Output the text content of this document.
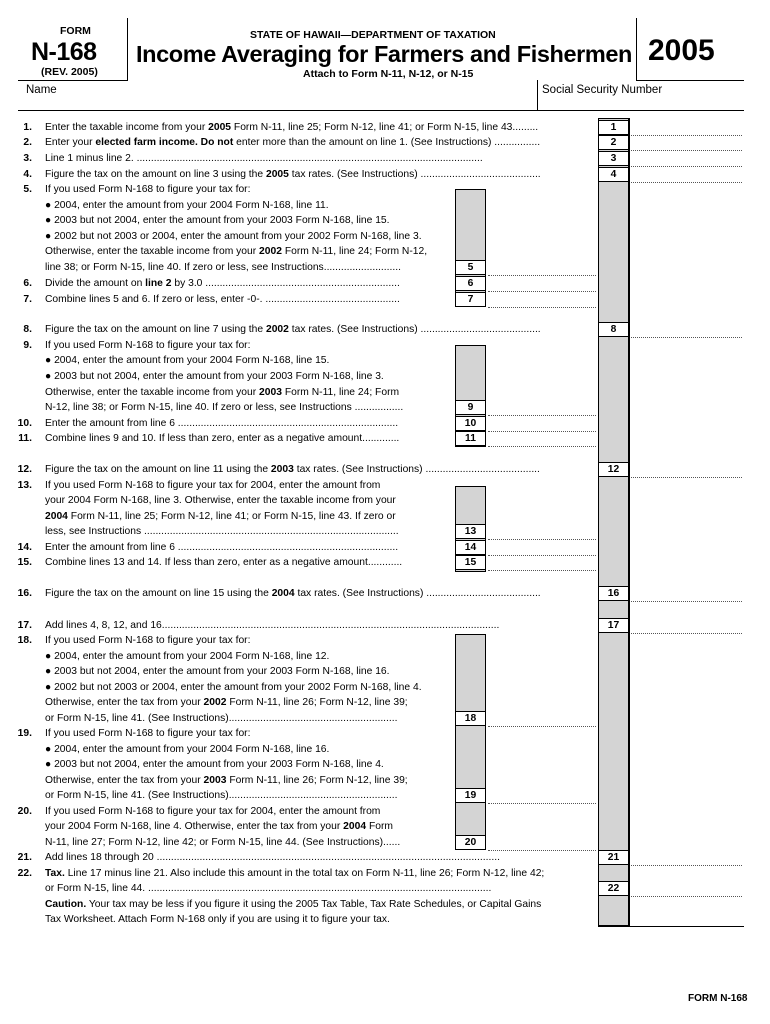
FORM
N-168
(REV. 2005)
STATE OF HAWAII—DEPARTMENT OF TAXATION
Income Averaging for Farmers and Fishermen
Attach to Form N-11, N-12, or N-15
2005
Name	Social Security Number
1. Enter the taxable income from your 2005 Form N-11, line 25; Form N-12, line 41; or Form N-15, line 43.........	1
2. Enter your elected farm income. Do not enter more than the amount on line 1. (See Instructions) ................	2
3. Line 1 minus line 2. .........................................................................................................................	3
4. Figure the tax on the amount on line 3 using the 2005 tax rates. (See Instructions) ..........................................	4
5. If you used Form N-168 to figure your tax for:
● 2004, enter the amount from your 2004 Form N-168, line 11.
● 2003 but not 2004, enter the amount from your 2003 Form N-168, line 15.
● 2002 but not 2003 or 2004, enter the amount from your 2002 Form N-168, line 3.
Otherwise, enter the taxable income from your 2002 Form N-11, line 24; Form N-12,
line 38; or Form N-15, line 40. If zero or less, see Instructions...........................	5
6. Divide the amount on line 2 by 3.0 ....................................................................	6
7. Combine lines 5 and 6. If zero or less, enter -0-. ...............................................	7
8. Figure the tax on the amount on line 7 using the 2002 tax rates. (See Instructions) ..........................................	8
9. If you used Form N-168 to figure your tax for:
● 2004, enter the amount from your 2004 Form N-168, line 15.
● 2003 but not 2004, enter the amount from your 2003 Form N-168, line 3.
Otherwise, enter the taxable income from your 2003 Form N-11, line 24; Form
N-12, line 38; or Form N-15, line 40. If zero or less, see Instructions .................	9
10. Enter the amount from line 6 .............................................................................	10
11. Combine lines 9 and 10. If less than zero, enter as a negative amount.............	11
12. Figure the tax on the amount on line 11 using the 2003 tax rates. (See Instructions) ........................................	12
13. If you used Form N-168 to figure your tax for 2004, enter the amount from
your 2004 Form N-168, line 3. Otherwise, enter the taxable income from your
2004 Form N-11, line 25; Form N-12, line 41; or Form N-15, line 43. If zero or
less, see Instructions .........................................................................................	13
14. Enter the amount from line 6 .............................................................................	14
15. Combine lines 13 and 14. If less than zero, enter as a negative amount............	15
16. Figure the tax on the amount on line 15 using the 2004 tax rates. (See Instructions) ........................................	16
17. Add lines 4, 8, 12, and 16......................................................................................................................	17
18. If you used Form N-168 to figure your tax for:
● 2004, enter the amount from your 2004 Form N-168, line 12.
● 2003 but not 2004, enter the amount from your 2003 Form N-168, line 16.
● 2002 but not 2003 or 2004, enter the amount from your 2002 Form N-168, line 4.
Otherwise, enter the tax from your 2002 Form N-11, line 26; Form N-12, line 39;
or Form N-15, line 41. (See Instructions)...........................................................	18
19. If you used Form N-168 to figure your tax for:
● 2004, enter the amount from your 2004 Form N-168, line 16.
● 2003 but not 2004, enter the amount from your 2003 Form N-168, line 4.
Otherwise, enter the tax from your 2003 Form N-11, line 26; Form N-12, line 39;
or Form N-15, line 41. (See Instructions)...........................................................	19
20. If you used Form N-168 to figure your tax for 2004, enter the amount from
your 2004 Form N-168, line 4. Otherwise, enter the tax from your 2004 Form
N-11, line 27; Form N-12, line 42; or Form N-15, line 44. (See Instructions)......	20
21. Add lines 18 through 20 ........................................................................................................................	21
22. Tax. Line 17 minus line 21. Also include this amount in the total tax on Form N-11, line 26; Form N-12, line 42;
or Form N-15, line 44. ........................................................................................................................	22
Caution. Your tax may be less if you figure it using the 2005 Tax Table, Tax Rate Schedules, or Capital Gains
Tax Worksheet. Attach Form N-168 only if you are using it to figure your tax.
FORM N-168
